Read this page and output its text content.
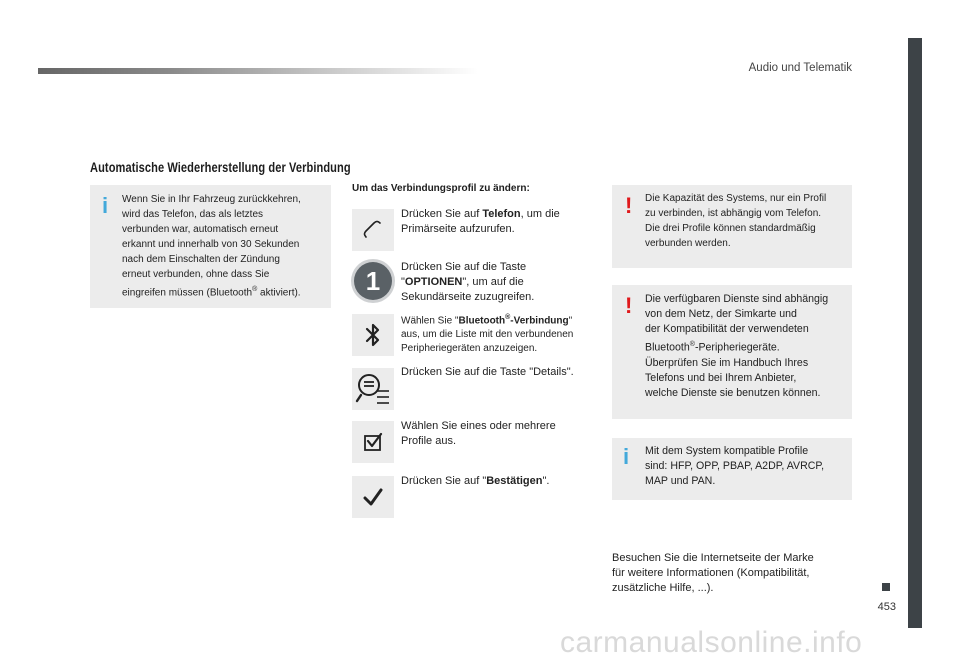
Audio und Telematik
453
Automatische Wiederherstellung der Verbindung
i Wenn Sie in Ihr Fahrzeug zurückkehren,
wird das Telefon, das als letztes
verbunden war, automatisch erneut
erkannt und innerhalb von 30 Sekunden
nach dem Einschalten der Zündung
erneut verbunden, ohne dass Sie
eingreifen müssen (Bluetooth® aktiviert).
Um das Verbindungsprofil zu ändern:
Drücken Sie auf Telefon, um die
Primärseite aufzurufen.
1	Drücken Sie auf die Taste
"OPTIONEN", um auf die
Sekundärseite zuzugreifen.
Wählen Sie "Bluetooth®-Verbindung"
aus, um die Liste mit den verbundenen
Peripheriegeräten anzuzeigen.
Drücken Sie auf die Taste "Details".
Wählen Sie eines oder mehrere
Profile aus.
Drücken Sie auf "Bestätigen".
! Die Kapazität des Systems, nur ein Profil
zu verbinden, ist abhängig vom Telefon.
Die drei Profile können standardmäßig
verbunden werden.
! Die verfügbaren Dienste sind abhängig
von dem Netz, der Simkarte und
der Kompatibilität der verwendeten
Bluetooth®-Peripheriegeräte.
Überprüfen Sie im Handbuch Ihres
Telefons und bei Ihrem Anbieter,
welche Dienste sie benutzen können.
i Mit dem System kompatible Profile
sind: HFP, OPP, PBAP, A2DP, AVRCP,
MAP und PAN.
Besuchen Sie die Internetseite der Marke
für weitere Informationen (Kompatibilität,
zusätzliche Hilfe, ...).
carmanualsonline.info
